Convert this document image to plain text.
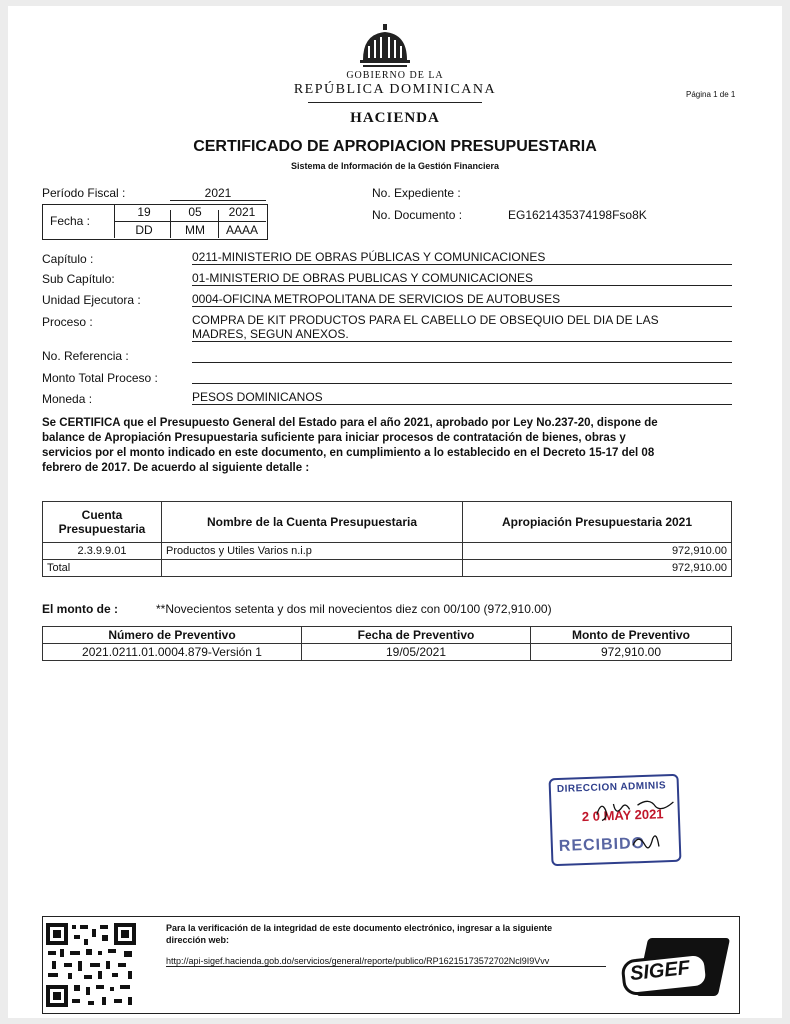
GOBIERNO DE LA
REPÚBLICA DOMINICANA
HACIENDA
Página 1 de 1
CERTIFICADO DE APROPIACION PRESUPUESTARIA
Sistema de Información de la Gestión Financiera
Período Fiscal :	2021
Fecha :
19	05	2021
DD	MM	AAAA
No. Expediente :
No. Documento :	EG1621435374198Fso8K
Capítulo :	0211-MINISTERIO DE OBRAS PÚBLICAS Y COMUNICACIONES
Sub Capítulo:	01-MINISTERIO DE OBRAS PUBLICAS Y COMUNICACIONES
Unidad Ejecutora :	0004-OFICINA METROPOLITANA DE SERVICIOS DE AUTOBUSES
Proceso :	COMPRA DE KIT PRODUCTOS PARA EL CABELLO DE OBSEQUIO DEL DIA DE LAS
MADRES, SEGUN ANEXOS.
No. Referencia :
Monto Total Proceso :
Moneda :	PESOS DOMINICANOS
Se CERTIFICA que el Presupuesto General del Estado para el año 2021, aprobado por Ley No.237-20, dispone de
balance de Apropiación Presupuestaria suficiente para iniciar procesos de contratación de bienes, obras y
servicios por el monto indicado en este documento, en cumplimiento a lo establecido en el Decreto 15-17 del 08
febrero de 2017. De acuerdo al siguiente detalle :
Cuenta
Presupuestaria	Nombre de la Cuenta Presupuestaria	Apropiación Presupuestaria 2021
2.3.9.9.01	Productos y Utiles Varios n.i.p	972,910.00
Total		972,910.00
El monto de :	**Novecientos setenta y dos mil novecientos diez con 00/100 (972,910.00)
Número de Preventivo	Fecha de Preventivo	Monto de Preventivo
2021.0211.01.0004.879-Versión 1	19/05/2021	972,910.00
DIRECCION ADMINIS
2 0 MAY 2021
RECIBIDO
Para la verificación de la integridad de este documento electrónico, ingresar a la siguiente
dirección web:
http://api-sigef.hacienda.gob.do/servicios/general/reporte/publico/RP16215173572702Ncl9I9Vvv	SIGEF
